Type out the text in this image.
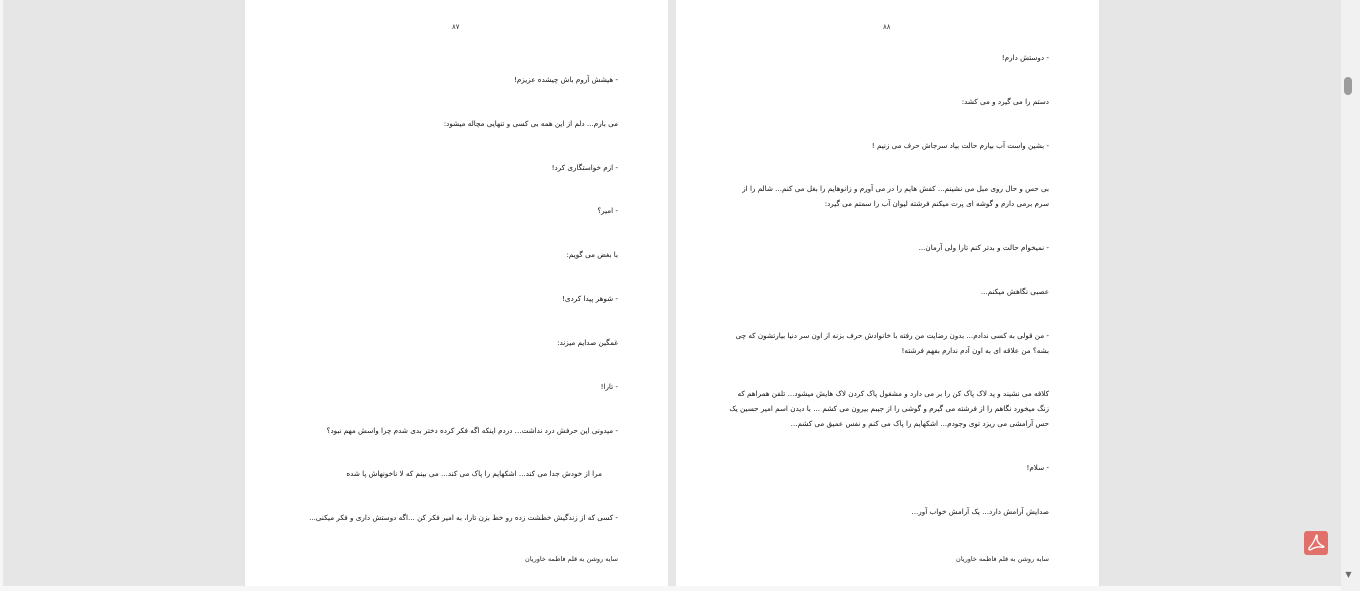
۸۷
- هیشش آروم باش چیشده عزیزم!
می بارم... دلم از این همه بی کسی و تنهایی مچاله میشود:
- ازم خواستگاری کرد!
- امیر؟
با بغض می گویم:
- شوهر پیدا کردی!
غمگین صدایم میزند:
- تارا!
- میدونی این حرفش درد نداشت... دردم اینکه اگه فکر کرده دختر بدی شدم چرا واسش مهم نبود؟
مرا از خودش جدا می کند... اشکهایم را پاک می کند... می بینم که لا ناخونهاش پا شده
- کسی که از زندگیش خطشت زده رو خط بزن تارا، به امیر فکر کن ...اگه دوستش داری و فکر میکنی...
سایه روشن به قلم فاطمه خاوریان
۸۸
- دوستش دارم!
دستم را می گیرد و می کشد:
- بشین واست آب بیارم حالت بیاد سرجاش حرف می زنیم !
بی حس و حال روی مبل می نشینم... کفش هایم را در می آورم و زانوهایم را بغل می کنم... شالم را از سرم برمی دارم و گوشه ای پرت میکنم فرشته لیوان آب را سمتم می گیرد:
- نمیخوام حالت و بدتر کنم تارا ولی آرمان...
عصبی نگاهش میکنم...
- من قولی به کسی ندادم... بدون رضایت من رفته با خانوادش حرف بزنه از اون سر دنیا بیارتشون که چی بشه؟ من علاقه ای به اون آدم ندارم بفهم فرشته!
کلافه می نشیند و پد لاک پاک کن را بر می دارد و مشغول پاک کردن لاک هایش میشود... تلفن همراهم که زنگ میخورد نگاهم را از فرشته می گیرم و گوشی را از جیبم بیرون می کشم ... با دیدن اسم امیر حسین یک حس آرامشی می ریزد توی وجودم... اشکهایم را پاک می کنم و نفس عمیق می کشم...
- سلام!
صدایش آرامش دارد... یک آرامش خواب آور...
سایه روشن به قلم فاطمه خاوریان
▼
